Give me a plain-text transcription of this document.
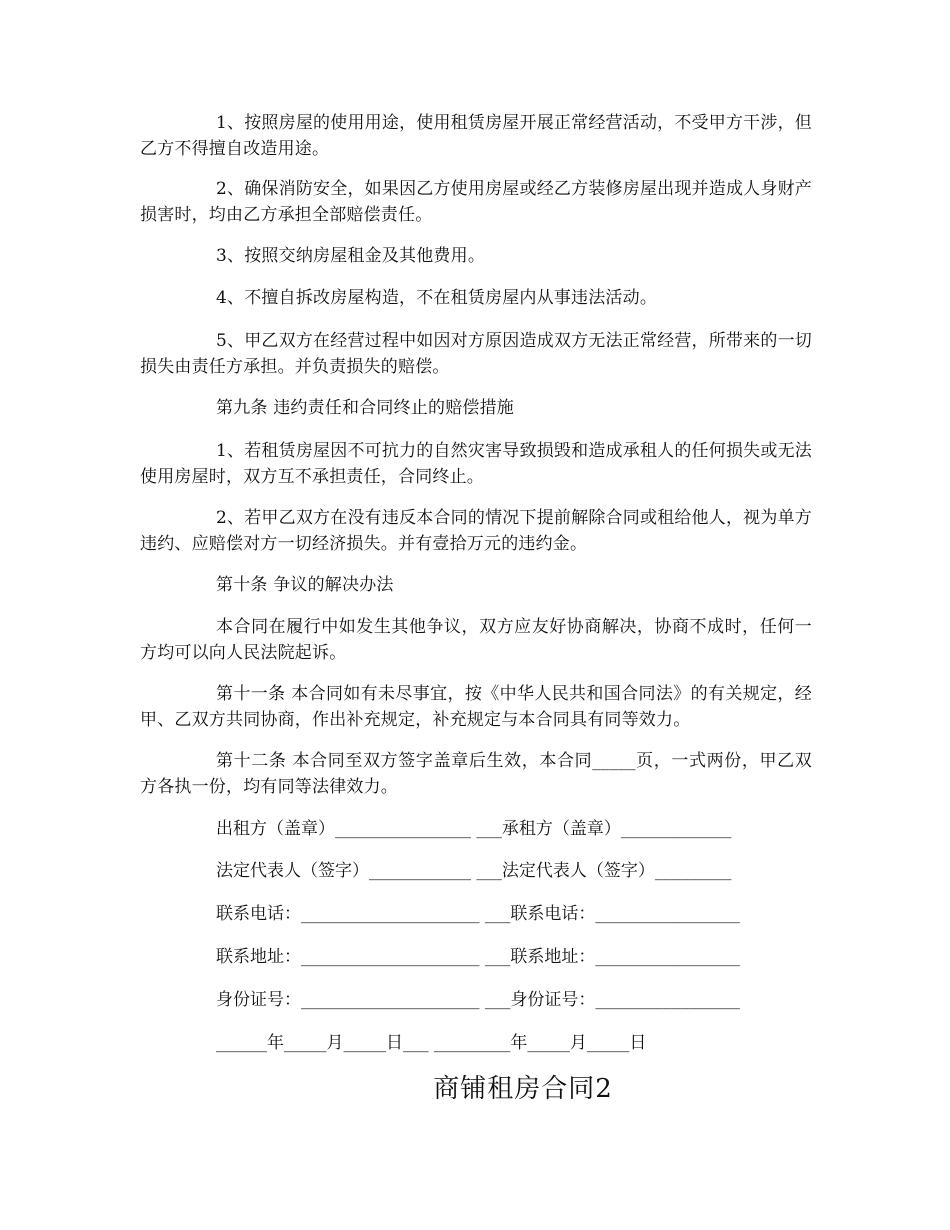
1、按照房屋的使用用途，使用租赁房屋开展正常经营活动，不受甲方干涉，但乙方不得擅自改造用途。

2、确保消防安全，如果因乙方使用房屋或经乙方装修房屋出现并造成人身财产损害时，均由乙方承担全部赔偿责任。

3、按照交纳房屋租金及其他费用。

4、不擅自拆改房屋构造，不在租赁房屋内从事违法活动。

5、甲乙双方在经营过程中如因对方原因造成双方无法正常经营，所带来的一切损失由责任方承担。并负责损失的赔偿。

第九条 违约责任和合同终止的赔偿措施

1、若租赁房屋因不可抗力的自然灾害导致损毁和造成承租人的任何损失或无法使用房屋时，双方互不承担责任，合同终止。

2、若甲乙双方在没有违反本合同的情况下提前解除合同或租给他人，视为单方违约、应赔偿对方一切经济损失。并有壹拾万元的违约金。

第十条 争议的解决办法

本合同在履行中如发生其他争议，双方应友好协商解决，协商不成时，任何一方均可以向人民法院起诉。

第十一条 本合同如有未尽事宜，按《中华人民共和国合同法》的有关规定，经甲、乙双方共同协商，作出补充规定，补充规定与本合同具有同等效力。

第十二条 本合同至双方签字盖章后生效，本合同_____页，一式两份，甲乙双方各执一份，均有同等法律效力。

出租方（盖章）________________ ___承租方（盖章）_____________

法定代表人（签字）____________ ___法定代表人（签字）_________

联系电话：_____________________ ___联系电话：_________________

联系地址：_____________________ ___联系地址：_________________

身份证号：_____________________ ___身份证号：_________________

______年_____月_____日___ _________年_____月_____日

商铺租房合同2
